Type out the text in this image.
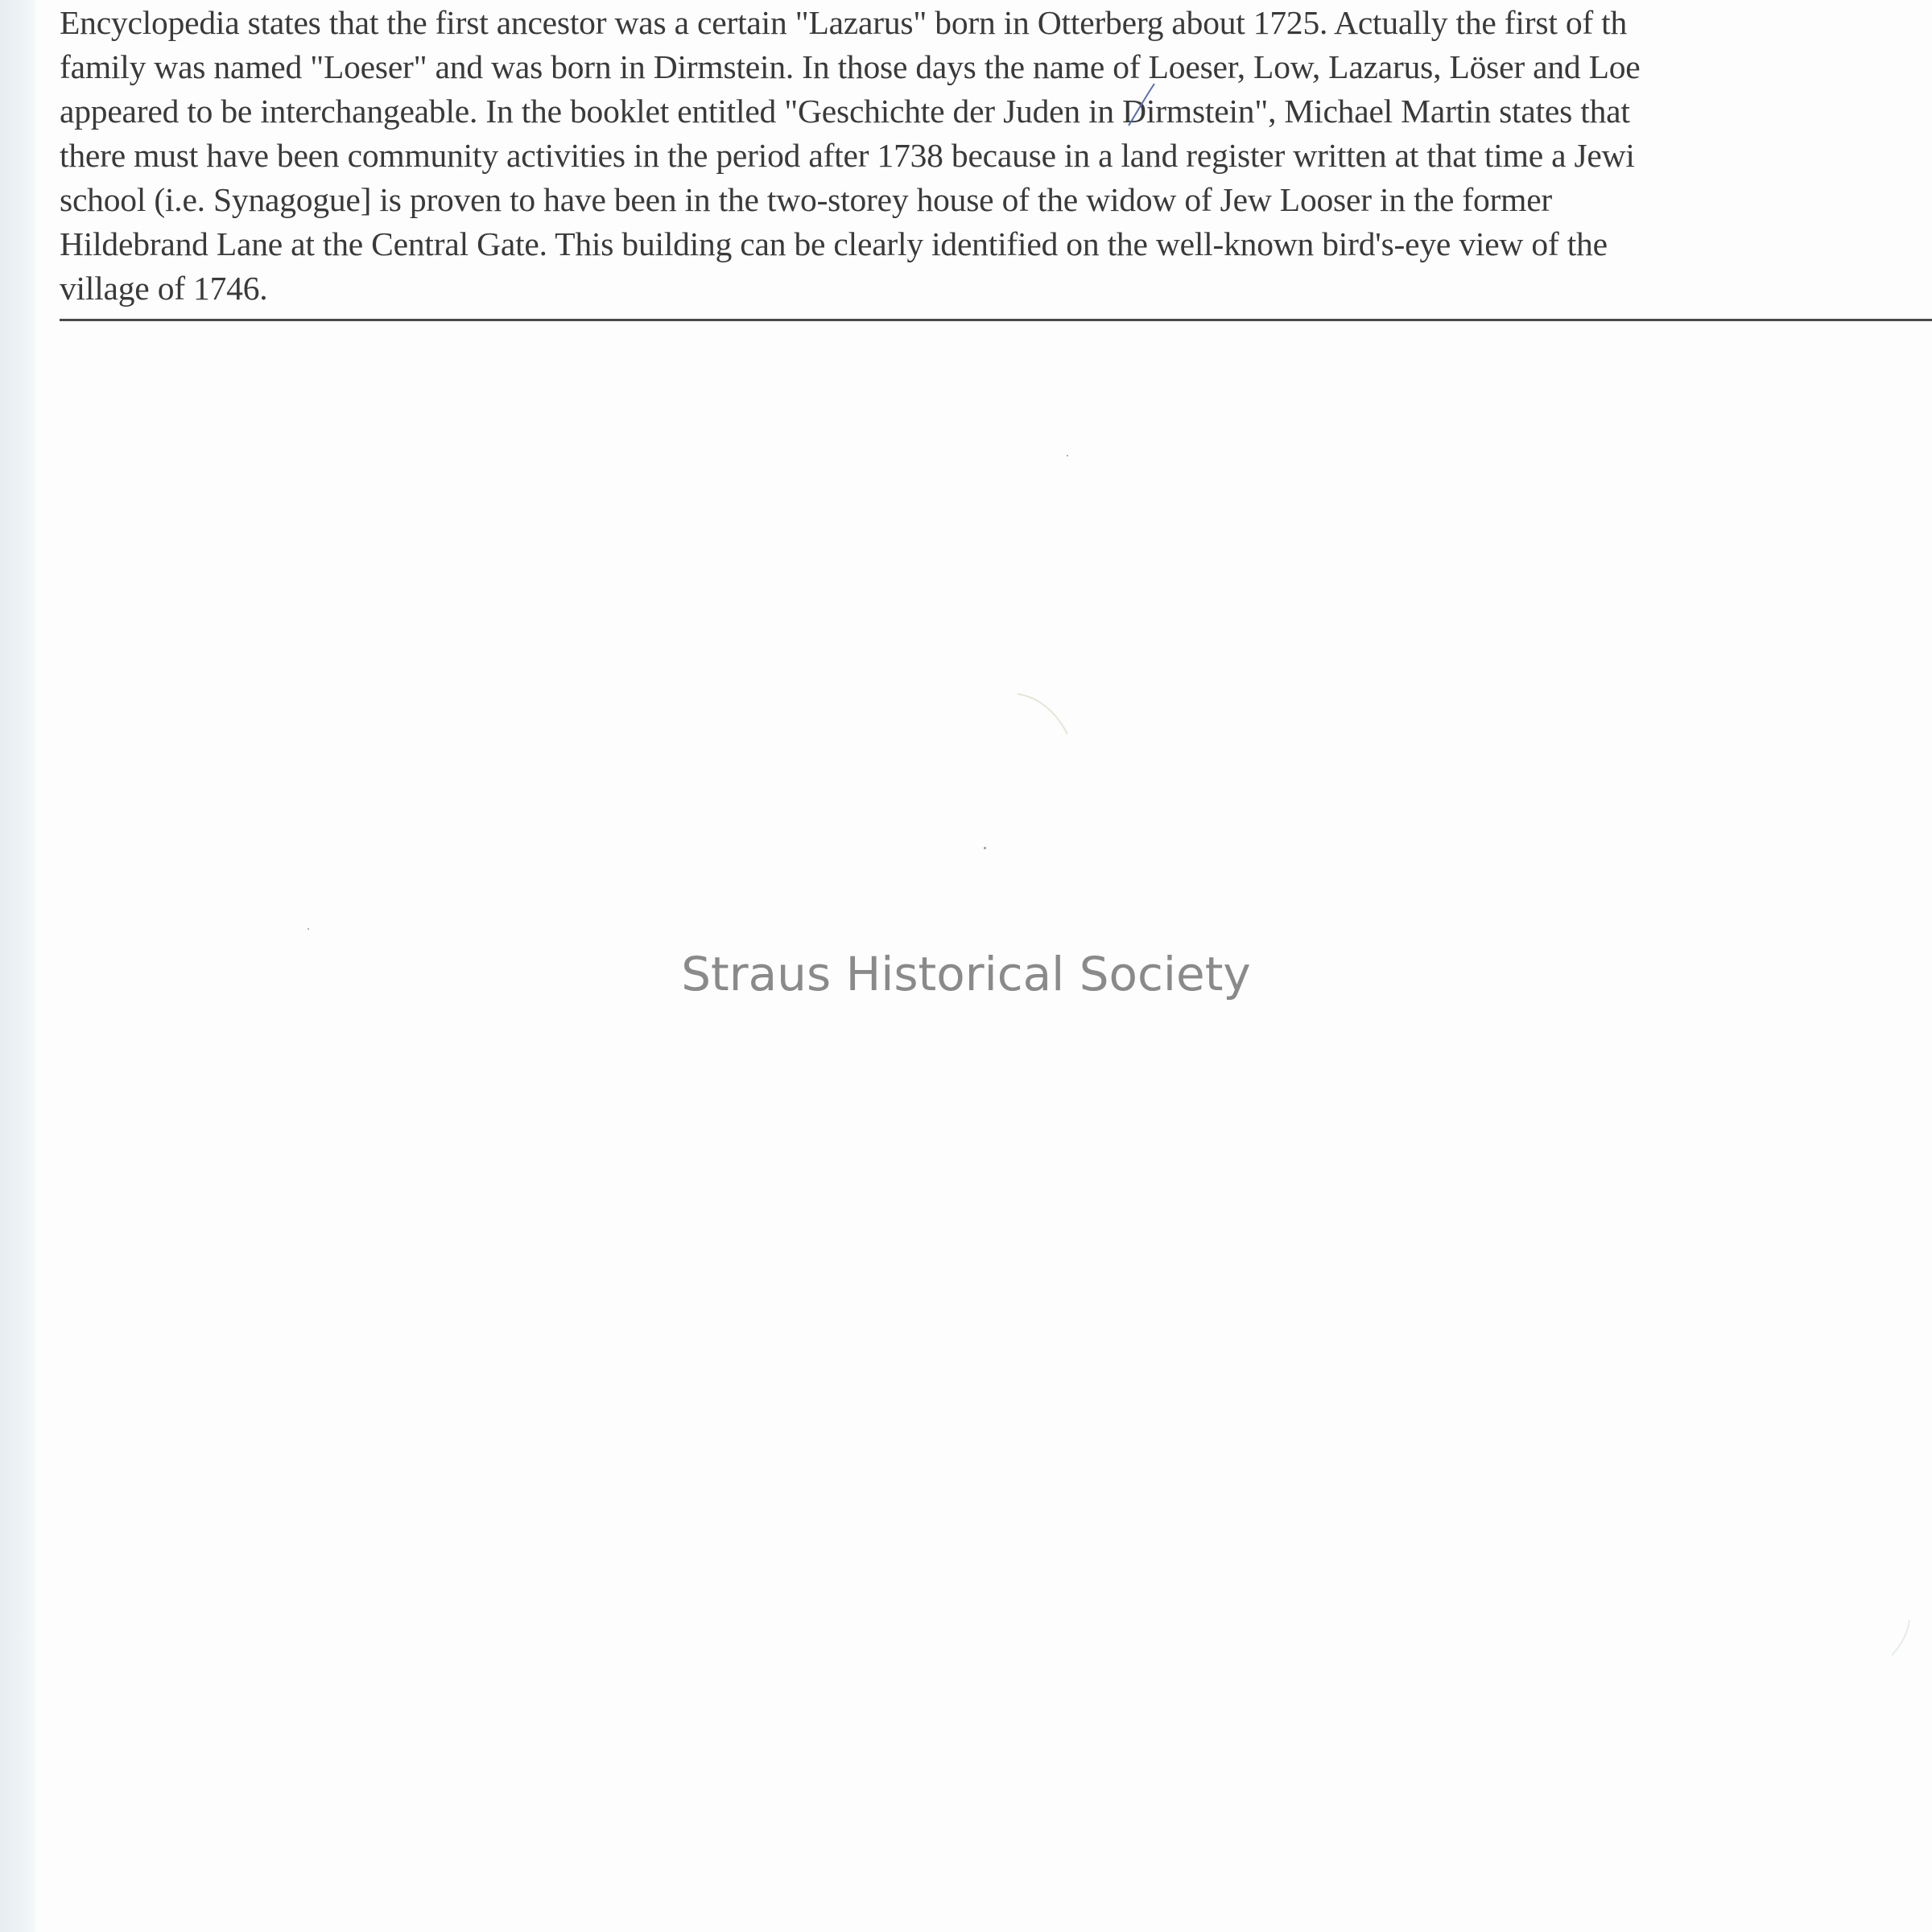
Encyclopedia states that the first ancestor was a certain "Lazarus" born in Otterberg about 1725. Actually the first of th
family was named "Loeser" and was born in Dirmstein. In those days the name of Loeser, Low, Lazarus, Löser and Loe
appeared to be interchangeable. In the booklet entitled "Geschichte der Juden in Dirmstein", Michael Martin states that
there must have been community activities in the period after 1738 because in a land register written at that time a Jewi
school (i.e. Synagogue] is proven to have been in the two-storey house of the widow of Jew Looser in the former
Hildebrand Lane at the Central Gate. This building can be clearly identified on the well-known bird's-eye view of the
village of 1746.
Straus Historical Society
